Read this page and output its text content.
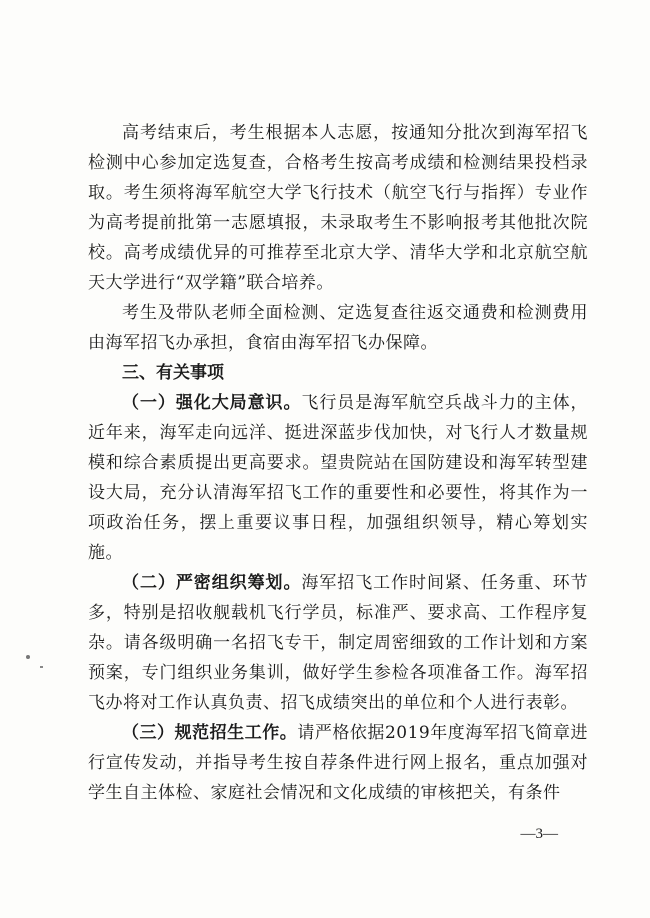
高考结束后，考生根据本人志愿，按通知分批次到海军招飞检测中心参加定选复查，合格考生按高考成绩和检测结果投档录取。考生须将海军航空大学飞行技术（航空飞行与指挥）专业作为高考提前批第一志愿填报，未录取考生不影响报考其他批次院校。高考成绩优异的可推荐至北京大学、清华大学和北京航空航天大学进行“双学籍”联合培养。

考生及带队老师全面检测、定选复查往返交通费和检测费用由海军招飞办承担，食宿由海军招飞办保障。

三、有关事项

（一）强化大局意识。飞行员是海军航空兵战斗力的主体，近年来，海军走向远洋、挺进深蓝步伐加快，对飞行人才数量规模和综合素质提出更高要求。望贵院站在国防建设和海军转型建设大局，充分认清海军招飞工作的重要性和必要性，将其作为一项政治任务，摆上重要议事日程，加强组织领导，精心筹划实施。

（二）严密组织筹划。海军招飞工作时间紧、任务重、环节多，特别是招收舰载机飞行学员，标准严、要求高、工作程序复杂。请各级明确一名招飞专干，制定周密细致的工作计划和方案预案，专门组织业务集训，做好学生参检各项准备工作。海军招飞办将对工作认真负责、招飞成绩突出的单位和个人进行表彰。

（三）规范招生工作。请严格依据2019年度海军招飞简章进行宣传发动，并指导考生按自荐条件进行网上报名，重点加强对学生自主体检、家庭社会情况和文化成绩的审核把关，有条件

—3—
